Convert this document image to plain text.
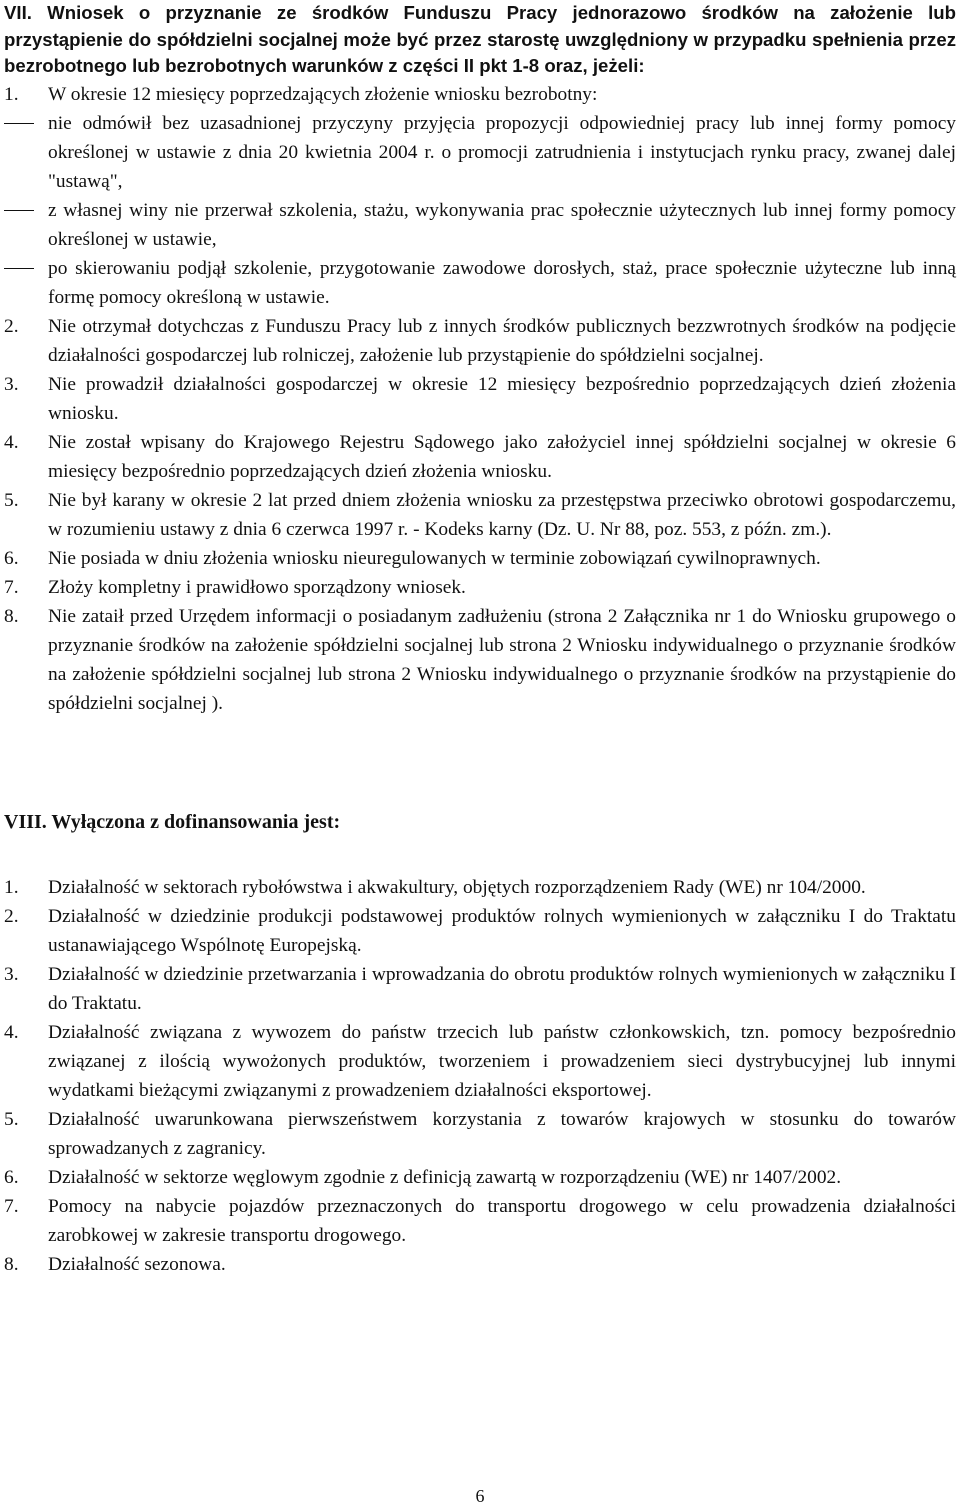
VII. Wniosek o przyznanie ze środków Funduszu Pracy jednorazowo środków na założenie lub przystąpienie do spółdzielni socjalnej może być przez starostę uwzględniony w przypadku spełnienia przez bezrobotnego lub bezrobotnych warunków z części II pkt 1-8 oraz, jeżeli:

1. W okresie 12 miesięcy poprzedzających złożenie wniosku bezrobotny:

nie odmówił bez uzasadnionej przyczyny przyjęcia propozycji odpowiedniej pracy lub innej formy pomocy określonej w ustawie z dnia 20 kwietnia 2004 r. o promocji zatrudnienia i instytucjach rynku pracy, zwanej dalej "ustawą",

z własnej winy nie przerwał szkolenia, stażu, wykonywania prac społecznie użytecznych lub innej formy pomocy określonej w ustawie,

po skierowaniu podjął szkolenie, przygotowanie zawodowe dorosłych, staż, prace społecznie użyteczne lub inną formę pomocy określoną w ustawie.

2. Nie otrzymał dotychczas z Funduszu Pracy lub z innych środków publicznych bezzwrotnych środków na podjęcie działalności gospodarczej lub rolniczej, założenie lub przystąpienie do spółdzielni socjalnej.

3. Nie prowadził działalności gospodarczej w okresie 12 miesięcy bezpośrednio poprzedzających dzień złożenia wniosku.

4. Nie został wpisany do Krajowego Rejestru Sądowego jako założyciel innej spółdzielni socjalnej w okresie 6 miesięcy bezpośrednio poprzedzających dzień złożenia wniosku.

5. Nie był karany w okresie 2 lat przed dniem złożenia wniosku za przestępstwa przeciwko obrotowi gospodarczemu, w rozumieniu ustawy z dnia 6 czerwca 1997 r. - Kodeks karny (Dz. U. Nr 88, poz. 553, z późn. zm.).

6. Nie posiada w dniu złożenia wniosku nieuregulowanych w terminie zobowiązań cywilnoprawnych.

7. Złoży kompletny i prawidłowo sporządzony wniosek.

8. Nie zataił przed Urzędem informacji o posiadanym zadłużeniu (strona 2 Załącznika nr 1 do Wniosku grupowego o przyznanie środków na założenie spółdzielni socjalnej lub strona 2 Wniosku indywidualnego o przyznanie środków na założenie spółdzielni socjalnej lub strona 2 Wniosku indywidualnego o przyznanie środków na przystąpienie do spółdzielni socjalnej ).

VIII. Wyłączona z dofinansowania jest:

1. Działalność w sektorach rybołówstwa i akwakultury, objętych rozporządzeniem Rady (WE) nr 104/2000.

2. Działalność w dziedzinie produkcji podstawowej produktów rolnych wymienionych w załączniku I do Traktatu ustanawiającego Wspólnotę Europejską.

3. Działalność w dziedzinie przetwarzania i wprowadzania do obrotu produktów rolnych wymienionych w załączniku I do Traktatu.

4. Działalność związana z wywozem do państw trzecich lub państw członkowskich, tzn. pomocy bezpośrednio związanej z ilością wywożonych produktów, tworzeniem i prowadzeniem sieci dystrybucyjnej lub innymi wydatkami bieżącymi związanymi z prowadzeniem działalności eksportowej.

5. Działalność uwarunkowana pierwszeństwem korzystania z towarów krajowych w stosunku do towarów sprowadzanych z zagranicy.

6. Działalność w sektorze węglowym zgodnie z definicją zawartą w rozporządzeniu (WE) nr 1407/2002.

7. Pomocy na nabycie pojazdów przeznaczonych do transportu drogowego w celu prowadzenia działalności zarobkowej w zakresie transportu drogowego.

8. Działalność sezonowa.

6
